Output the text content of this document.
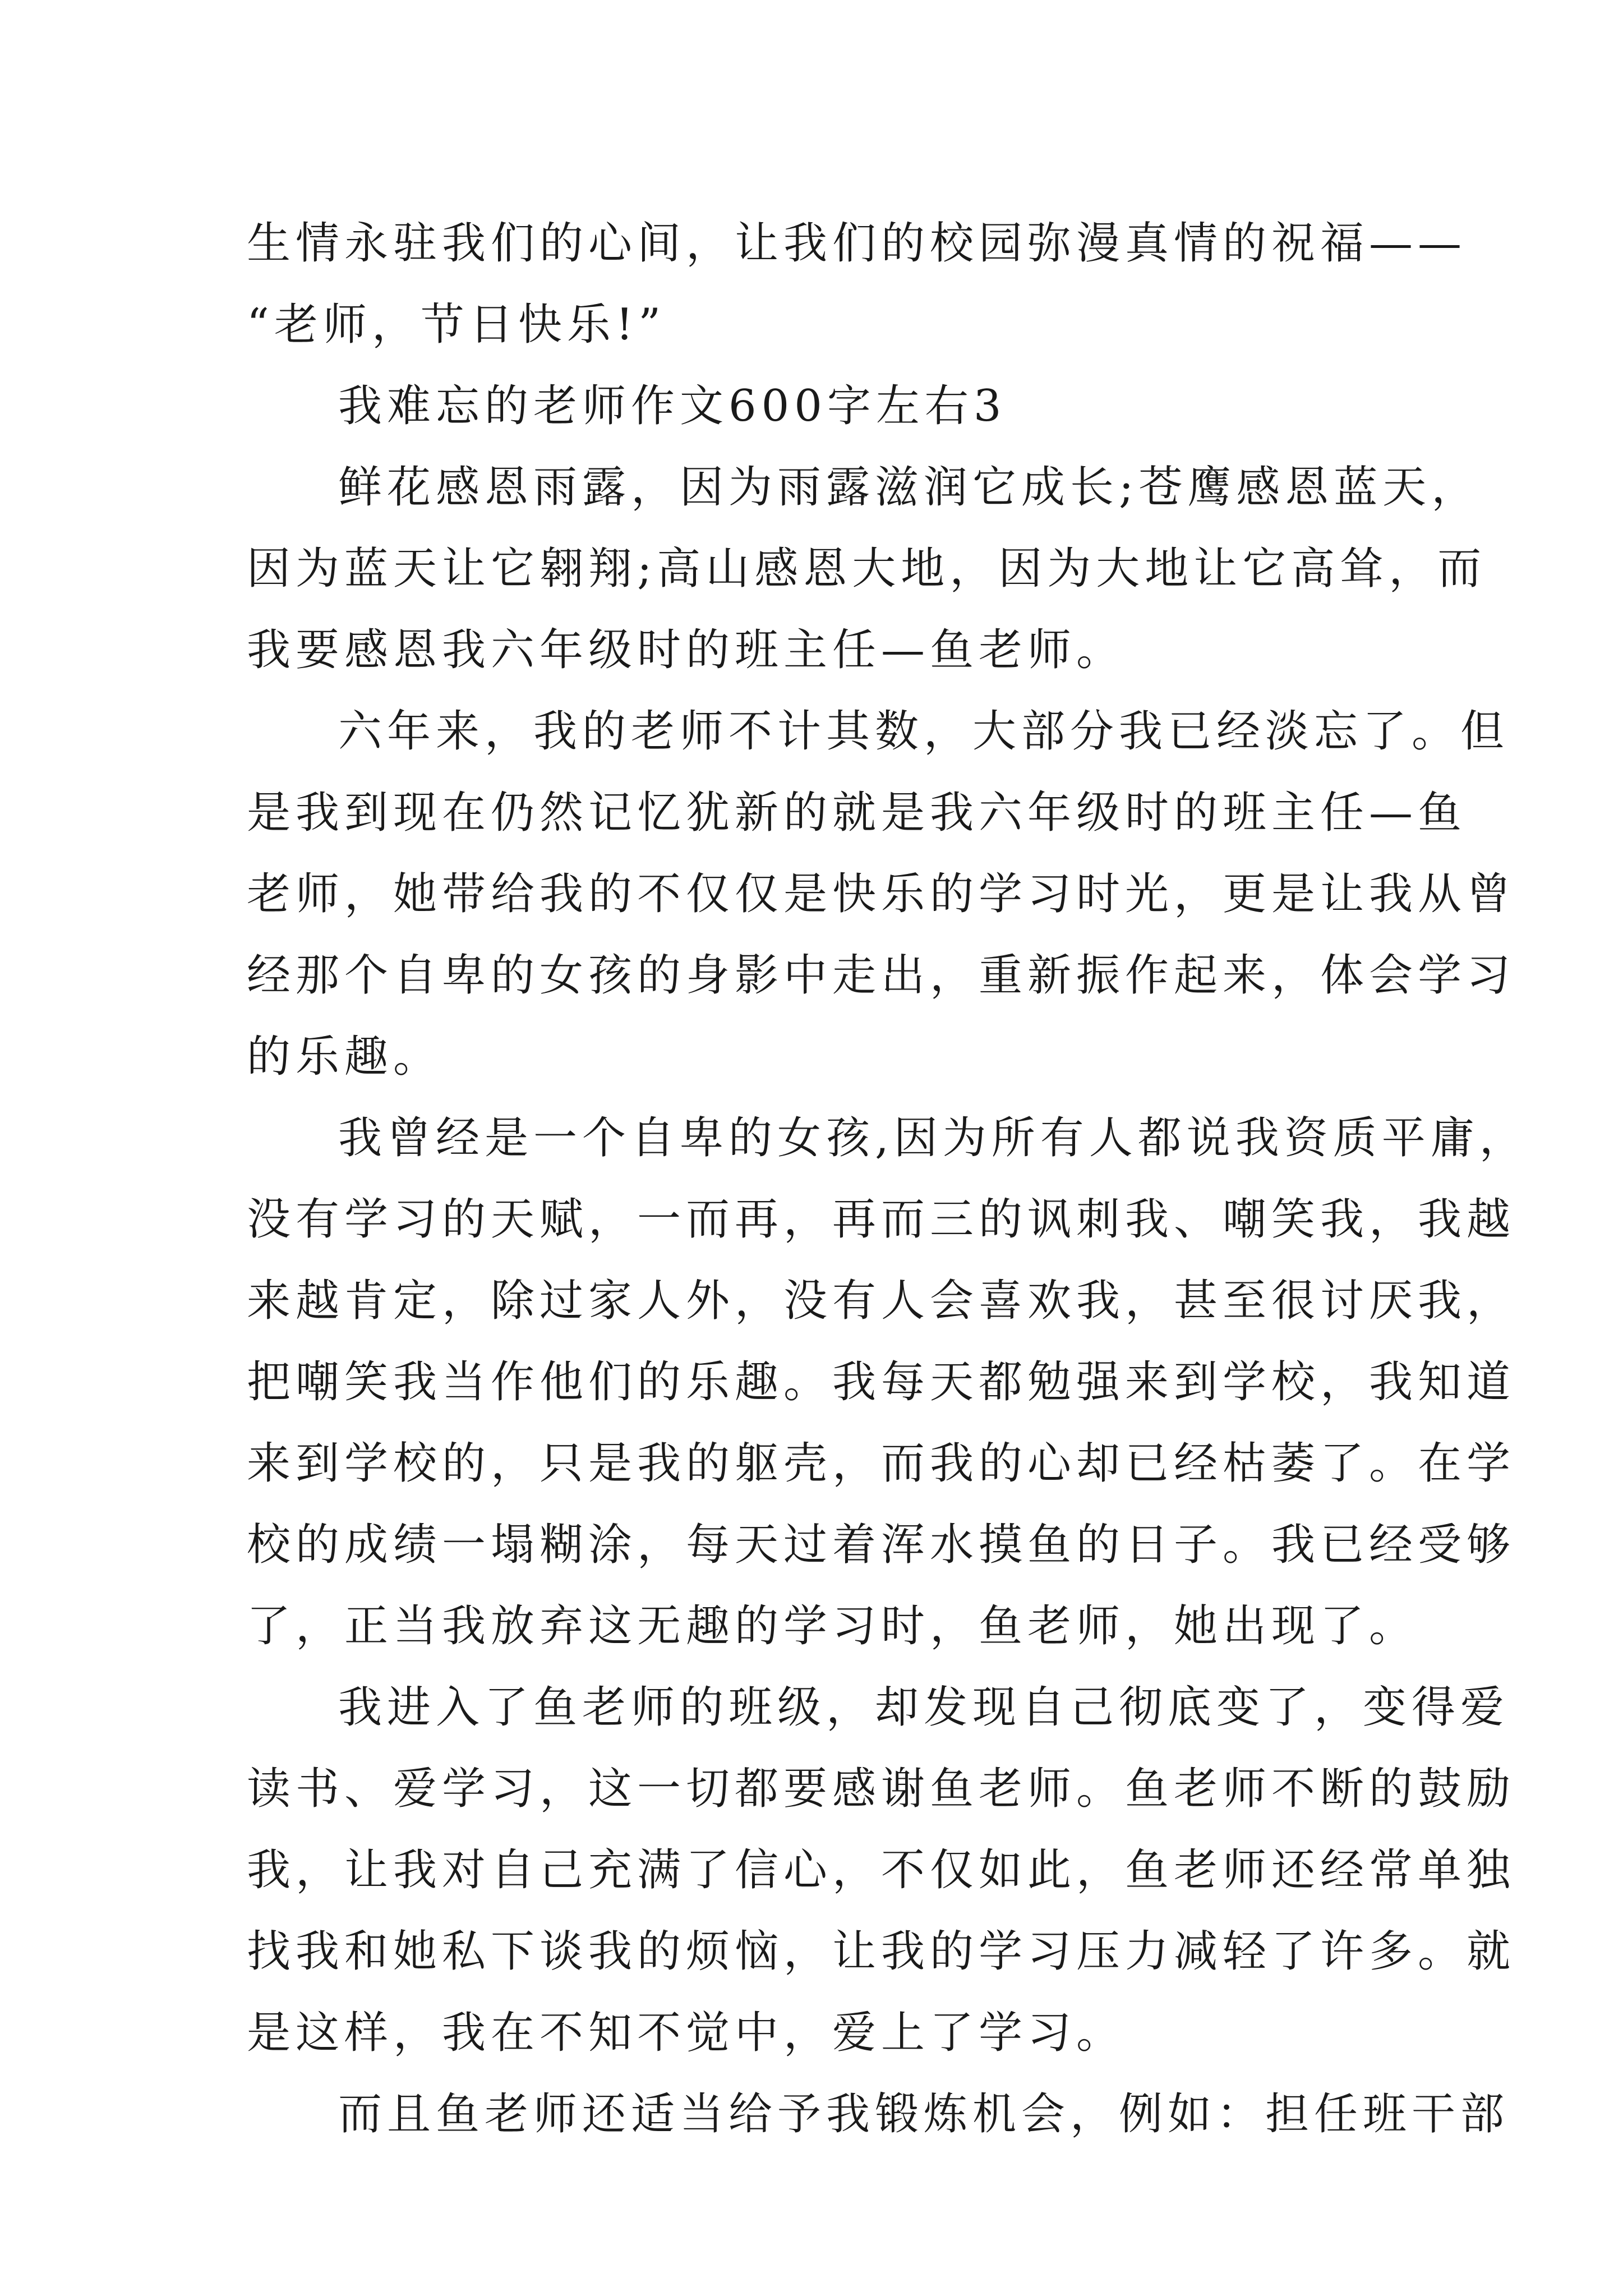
生情永驻我们的心间，让我们的校园弥漫真情的祝福——

“老师，节日快乐!”

我难忘的老师作文600字左右3

鲜花感恩雨露，因为雨露滋润它成长;苍鹰感恩蓝天，

因为蓝天让它翱翔;高山感恩大地，因为大地让它高耸，而

我要感恩我六年级时的班主任—鱼老师。

六年来，我的老师不计其数，大部分我已经淡忘了。但

是我到现在仍然记忆犹新的就是我六年级时的班主任—鱼

老师，她带给我的不仅仅是快乐的学习时光，更是让我从曾

经那个自卑的女孩的身影中走出，重新振作起来，体会学习

的乐趣。

我曾经是一个自卑的女孩,因为所有人都说我资质平庸，

没有学习的天赋，一而再，再而三的讽刺我、嘲笑我，我越

来越肯定，除过家人外，没有人会喜欢我，甚至很讨厌我，

把嘲笑我当作他们的乐趣。我每天都勉强来到学校，我知道

来到学校的，只是我的躯壳，而我的心却已经枯萎了。在学

校的成绩一塌糊涂，每天过着浑水摸鱼的日子。我已经受够

了，正当我放弃这无趣的学习时，鱼老师，她出现了。

我进入了鱼老师的班级，却发现自己彻底变了，变得爱

读书、爱学习，这一切都要感谢鱼老师。鱼老师不断的鼓励

我，让我对自己充满了信心，不仅如此，鱼老师还经常单独

找我和她私下谈我的烦恼，让我的学习压力减轻了许多。就

是这样，我在不知不觉中，爱上了学习。

而且鱼老师还适当给予我锻炼机会，例如：担任班干部
